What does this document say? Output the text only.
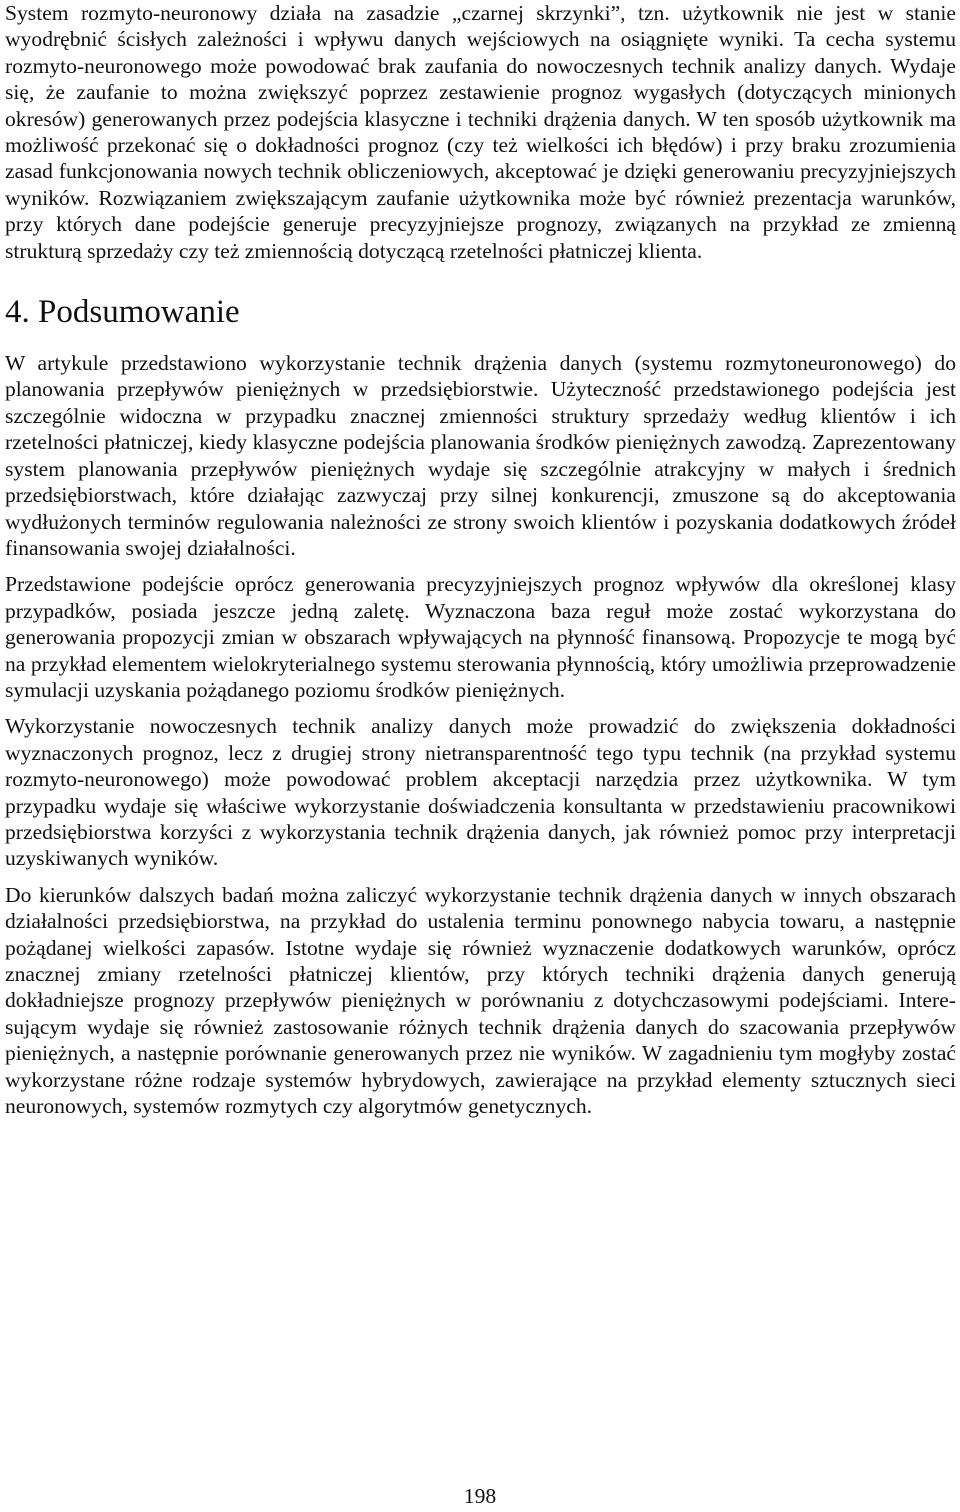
System rozmyto-neuronowy działa na zasadzie „czarnej skrzynki”, tzn. użytkownik nie jest w stanie wyodrębnić ścisłych zależności i wpływu danych wejściowych na osiągnięte wyniki. Ta cecha systemu rozmyto-neuronowego może powodować brak zaufania do nowoczesnych technik analizy danych. Wydaje się, że zaufanie to można zwiększyć poprzez zestawienie prognoz wygasłych (dotyczących minionych okresów) generowanych przez podejścia klasyczne i techniki drążenia danych. W ten sposób użytkownik ma możliwość przekonać się o dokładności prognoz (czy też wielkości ich błędów) i przy braku zrozumienia zasad funkcjonowania nowych technik obliczeniowych, akceptować je dzięki generowaniu precyzyjniejszych wyników. Rozwiązaniem zwiększającym zaufanie użytkownika może być również prezentacja warunków, przy których dane podejście generuje precyzyjniejsze prognozy, związanych na przykład ze zmienną strukturą sprzedaży czy też zmiennością dotyczącą rzetelności płatniczej klienta.

4. Podsumowanie

W artykule przedstawiono wykorzystanie technik drążenia danych (systemu rozmytoneuronowego) do planowania przepływów pieniężnych w przedsiębiorstwie. Użyteczność przedstawionego podejścia jest szczególnie widoczna w przypadku znacznej zmienności struktury sprzedaży według klientów i ich rzetelności płatniczej, kiedy klasyczne podejścia planowania środków pieniężnych zawodzą. Zaprezentowany system planowania przepływów pieniężnych wydaje się szczególnie atrakcyjny w małych i średnich przedsiębiorstwach, które działając zazwyczaj przy silnej konkurencji, zmuszone są do akceptowania wydłużonych terminów regulowania należności ze strony swoich klientów i pozyskania dodatkowych źródeł finansowania swojej działalności.

Przedstawione podejście oprócz generowania precyzyjniejszych prognoz wpływów dla określonej klasy przypadków, posiada jeszcze jedną zaletę. Wyznaczona baza reguł może zostać wykorzystana do generowania propozycji zmian w obszarach wpływających na płynność finansową. Propozycje te mogą być na przykład elementem wielokryterialnego systemu sterowania płynnością, który umożliwia przeprowadzenie symulacji uzyskania pożądanego poziomu środków pieniężnych.

Wykorzystanie nowoczesnych technik analizy danych może prowadzić do zwiększenia dokładności wyznaczonych prognoz, lecz z drugiej strony nietransparentność tego typu technik (na przykład systemu rozmyto-neuronowego) może powodować problem akceptacji narzędzia przez użytkownika. W tym przypadku wydaje się właściwe wykorzystanie doświadczenia konsultanta w przedstawieniu pracownikowi przedsiębiorstwa korzyści z wykorzystania technik drążenia danych, jak również pomoc przy interpretacji uzyskiwanych wyników.

Do kierunków dalszych badań można zaliczyć wykorzystanie technik drążenia danych w innych obszarach działalności przedsiębiorstwa, na przykład do ustalenia terminu ponownego nabycia towaru, a następnie pożądanej wielkości zapasów. Istotne wydaje się również wyznaczenie dodatkowych warunków, oprócz znacznej zmiany rzetelności płatniczej klientów, przy których techniki drążenia danych generują dokładniejsze prognozy przepływów pieniężnych w porównaniu z dotychczasowymi podejściami. Interesującym wydaje się również zastosowanie różnych technik drążenia danych do szacowania przepływów pieniężnych, a następnie porównanie generowanych przez nie wyników. W zagadnieniu tym mogłyby zostać wykorzystane różne rodzaje systemów hybrydowych, zawierające na przykład elementy sztucznych sieci neuronowych, systemów rozmytych czy algorytmów genetycznych.

198
